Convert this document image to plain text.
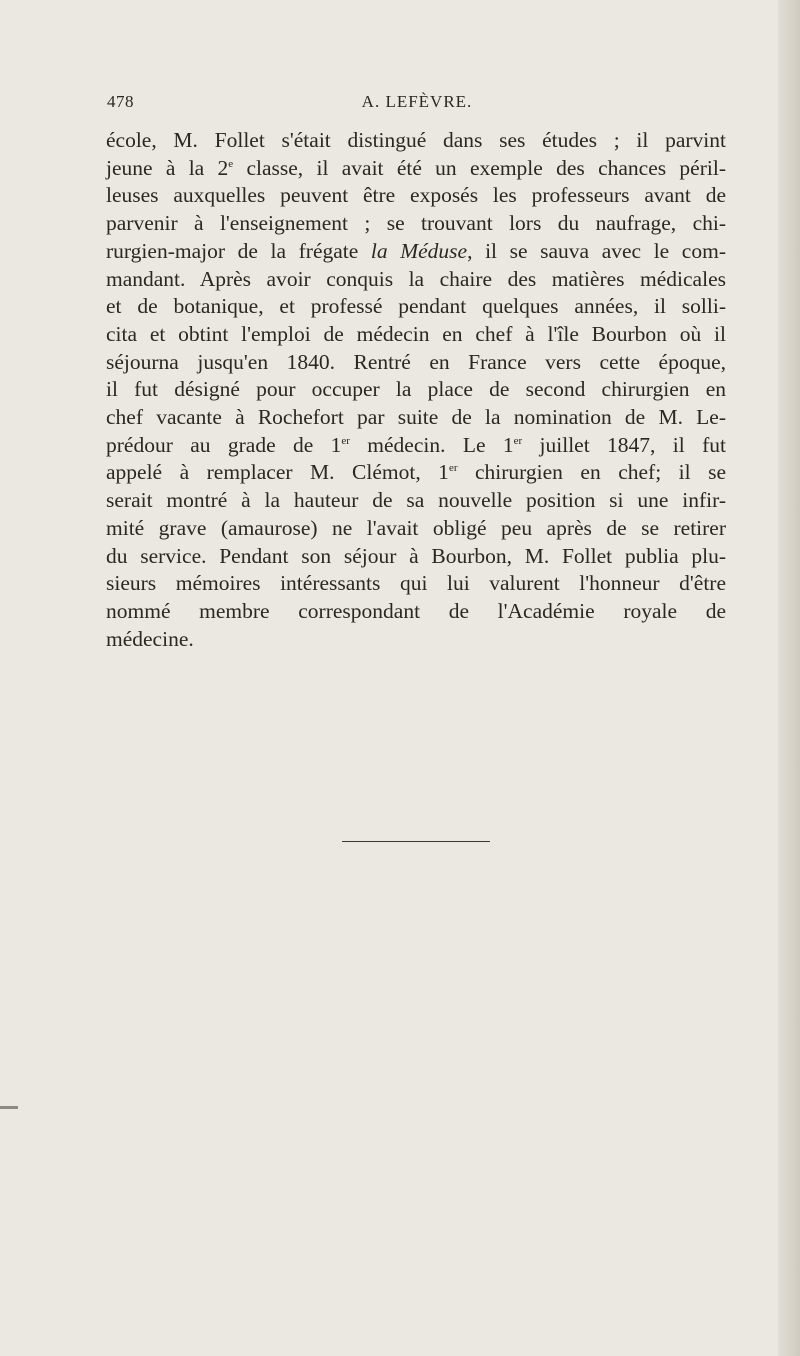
478	A. LEFÈVRE.
école, M. Follet s'était distingué dans ses études ; il parvint
jeune à la 2e classe, il avait été un exemple des chances péril-
leuses auxquelles peuvent être exposés les professeurs avant de
parvenir à l'enseignement ; se trouvant lors du naufrage, chi-
rurgien-major de la frégate la Méduse, il se sauva avec le com-
mandant. Après avoir conquis la chaire des matières médicales
et de botanique, et professé pendant quelques années, il solli-
cita et obtint l'emploi de médecin en chef à l'île Bourbon où il
séjourna jusqu'en 1840. Rentré en France vers cette époque,
il fut désigné pour occuper la place de second chirurgien en
chef vacante à Rochefort par suite de la nomination de M. Le-
prédour au grade de 1er médecin. Le 1er juillet 1847, il fut
appelé à remplacer M. Clémot, 1er chirurgien en chef; il se
serait montré à la hauteur de sa nouvelle position si une infir-
mité grave (amaurose) ne l'avait obligé peu après de se retirer
du service. Pendant son séjour à Bourbon, M. Follet publia plu-
sieurs mémoires intéressants qui lui valurent l'honneur d'être
nommé membre correspondant de l'Académie royale de
médecine.
